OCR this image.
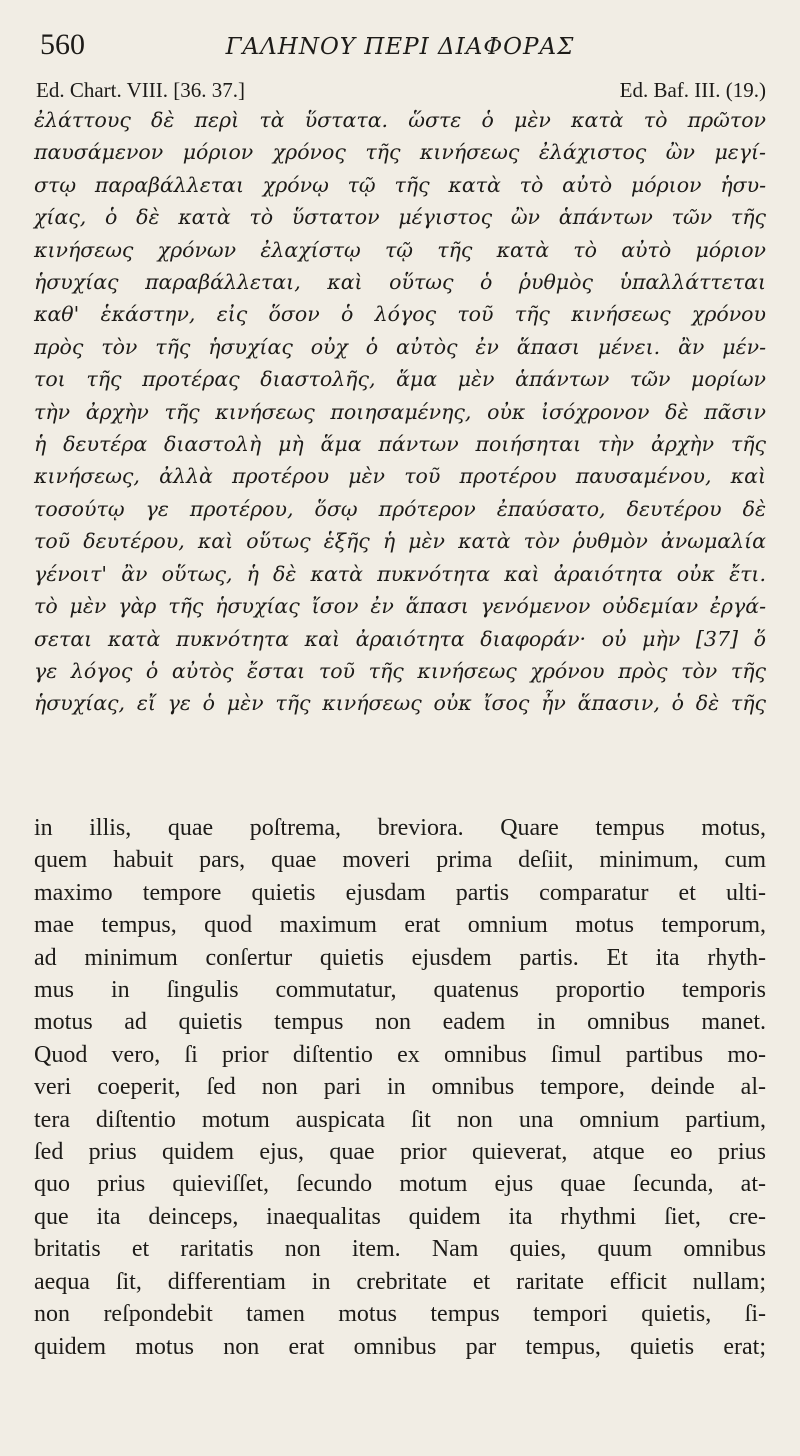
560	ΓΑΛΗΝΟΥ ΠΕΡΙ ΔΙΑΦΟΡΑΣ
Ed. Chart. VIII. [36. 37.]	Ed. Baf. III. (19.)
ἐλάττους δὲ περὶ τὰ ὕστατα. ὥστε ὁ μὲν κατὰ τὸ πρῶτον
παυσάμενον μόριον χρόνος τῆς κινήσεως ἐλάχιστος ὢν μεγί-
στῳ παραβάλλεται χρόνῳ τῷ τῆς κατὰ τὸ αὐτὸ μόριον ἡσυ-
χίας, ὁ δὲ κατὰ τὸ ὕστατον μέγιστος ὢν ἁπάντων τῶν τῆς
κινήσεως χρόνων ἐλαχίστῳ τῷ τῆς κατὰ τὸ αὐτὸ μόριον
ἡσυχίας παραβάλλεται, καὶ οὕτως ὁ ῥυθμὸς ὑπαλλάττεται
καθ' ἑκάστην, εἰς ὅσον ὁ λόγος τοῦ τῆς κινήσεως χρόνου
πρὸς τὸν τῆς ἡσυχίας οὐχ ὁ αὐτὸς ἐν ἅπασι μένει. ἂν μέν-
τοι τῆς προτέρας διαστολῆς, ἅμα μὲν ἁπάντων τῶν μορίων
τὴν ἀρχὴν τῆς κινήσεως ποιησαμένης, οὐκ ἰσόχρονον δὲ πᾶσιν
ἡ δευτέρα διαστολὴ μὴ ἅμα πάντων ποιήσηται τὴν ἀρχὴν τῆς
κινήσεως, ἀλλὰ προτέρου μὲν τοῦ προτέρου παυσαμένου, καὶ
τοσούτῳ γε προτέρου, ὅσῳ πρότερον ἐπαύσατο, δευτέρου δὲ
τοῦ δευτέρου, καὶ οὕτως ἑξῆς ἡ μὲν κατὰ τὸν ῥυθμὸν ἀνωμαλία
γένοιτ' ἂν οὕτως, ἡ δὲ κατὰ πυκνότητα καὶ ἀραιότητα οὐκ ἔτι.
τὸ μὲν γὰρ τῆς ἡσυχίας ἴσον ἐν ἅπασι γενόμενον οὐδεμίαν ἐργά-
σεται κατὰ πυκνότητα καὶ ἀραιότητα διαφοράν· οὐ μὴν [37] ὅ
γε λόγος ὁ αὐτὸς ἔσται τοῦ τῆς κινήσεως χρόνου πρὸς τὸν τῆς
ἡσυχίας, εἴ γε ὁ μὲν τῆς κινήσεως οὐκ ἴσος ἦν ἅπασιν, ὁ δὲ τῆς
in illis, quae poſtrema, breviora. Quare tempus motus,
quem habuit pars, quae moveri prima deſiit, minimum, cum
maximo tempore quietis ejusdam partis comparatur et ulti-
mae tempus, quod maximum erat omnium motus temporum,
ad minimum conſertur quietis ejusdem partis. Et ita rhyth-
mus in ſingulis commutatur, quatenus proportio temporis
motus ad quietis tempus non eadem in omnibus manet.
Quod vero, ſi prior diſtentio ex omnibus ſimul partibus mo-
veri coeperit, ſed non pari in omnibus tempore, deinde al-
tera diſtentio motum auspicata ſit non una omnium partium,
ſed prius quidem ejus, quae prior quieverat, atque eo prius
quo prius quieviſſet, ſecundo motum ejus quae ſecunda, at-
que ita deinceps, inaequalitas quidem ita rhythmi ſiet, cre-
britatis et raritatis non item. Nam quies, quum omnibus
aequa ſit, differentiam in crebritate et raritate efficit nullam;
non reſpondebit tamen motus tempus tempori quietis, ſi-
quidem motus non erat omnibus par tempus, quietis erat;
